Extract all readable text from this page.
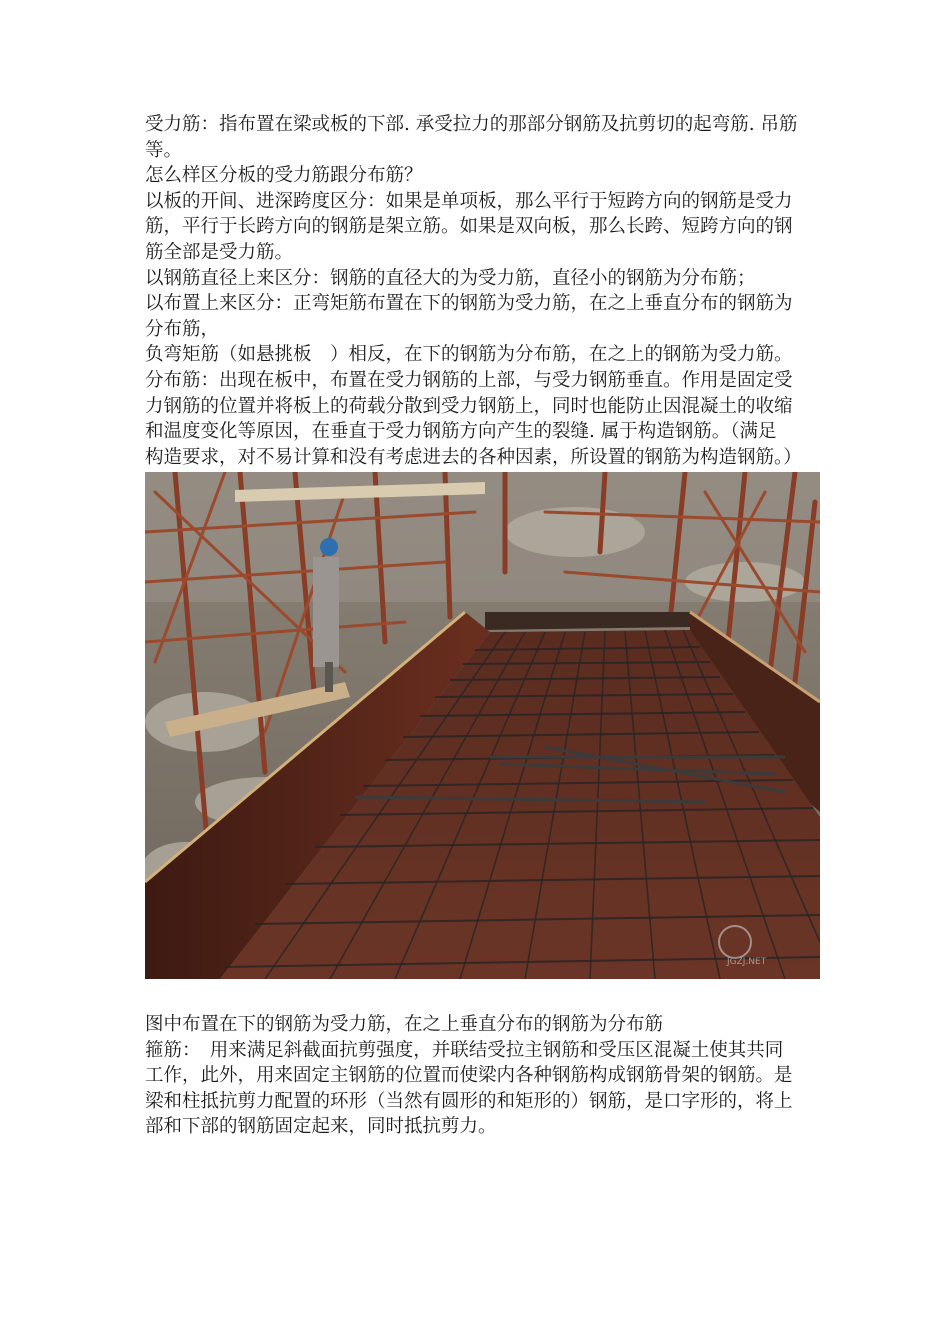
受力筋：指布置在梁或板的下部. 承受拉力的那部分钢筋及抗剪切的起弯筋. 吊筋
等。
怎么样区分板的受力筋跟分布筋？
以板的开间、进深跨度区分：如果是单项板，那么平行于短跨方向的钢筋是受力
筋，平行于长跨方向的钢筋是架立筋。如果是双向板，那么长跨、短跨方向的钢
筋全部是受力筋。
以钢筋直径上来区分：钢筋的直径大的为受力筋，直径小的钢筋为分布筋；
以布置上来区分：正弯矩筋布置在下的钢筋为受力筋，在之上垂直分布的钢筋为
分布筋，
负弯矩筋（如悬挑板　）相反，在下的钢筋为分布筋，在之上的钢筋为受力筋。
分布筋：出现在板中，布置在受力钢筋的上部，与受力钢筋垂直。作用是固定受
力钢筋的位置并将板上的荷载分散到受力钢筋上，同时也能防止因混凝土的收缩
和温度变化等原因，在垂直于受力钢筋方向产生的裂缝. 属于构造钢筋。（满足
构造要求，对不易计算和没有考虑进去的各种因素，所设置的钢筋为构造钢筋。）
JGZJ.NET
图中布置在下的钢筋为受力筋，在之上垂直分布的钢筋为分布筋
箍筋：　用来满足斜截面抗剪强度，并联结受拉主钢筋和受压区混凝土使其共同
工作，此外，用来固定主钢筋的位置而使梁内各种钢筋构成钢筋骨架的钢筋。是
梁和柱抵抗剪力配置的环形（当然有圆形的和矩形的）钢筋，是口字形的，将上
部和下部的钢筋固定起来，同时抵抗剪力。
